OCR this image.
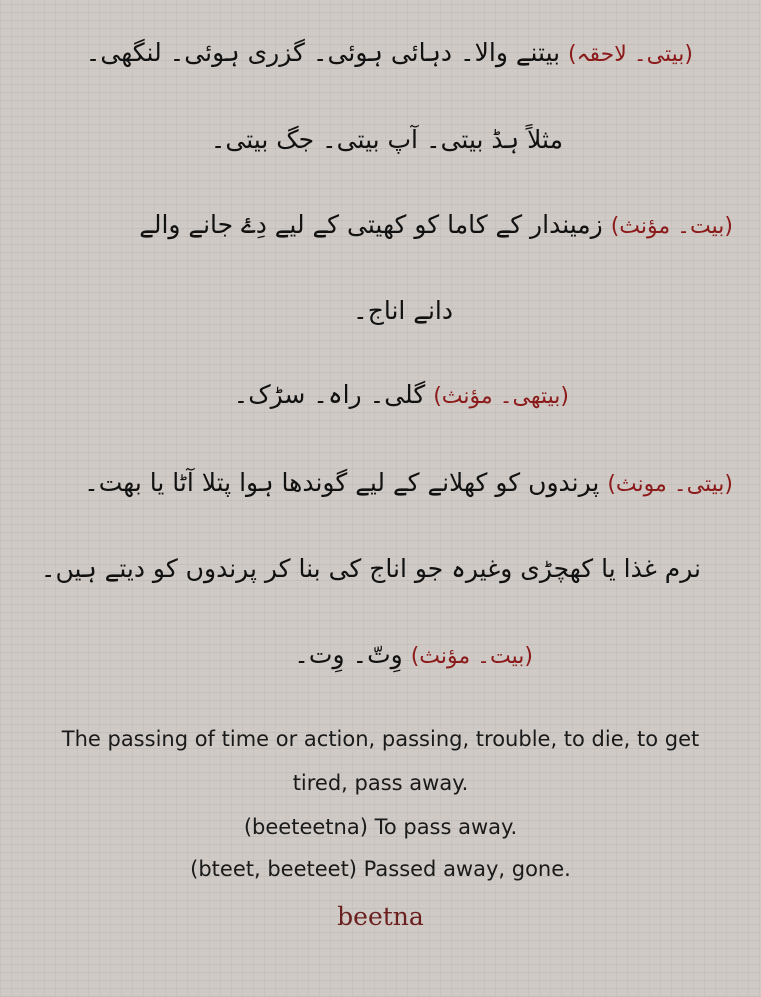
(بیتی۔ لاحقہ) بیتنے والا۔ دہائی ہوئی۔ گزری ہوئی۔ لنگھی۔
مثلاً ہڈ بیتی۔ آپ بیتی۔ جگ بیتی۔
(بیت۔ مؤنث) زمیندار کے کاما کو کھیتی کے لیے دِۓ جانے والے
دانے اناج۔
(بیتھی۔ مؤنث) گلی۔ راہ۔ سڑک۔
(بیتی۔ مونث) پرندوں کو کھلانے کے لیے گوندھا ہوا پتلا آٹا یا بھت۔
نرم غذا یا کھچڑی وغیرہ جو اناج کی بنا کر پرندوں کو دیتے ہیں۔
(بیت۔ مؤنث) وِتّ۔ وِت۔
The passing of time or action, passing, trouble, to die, to get
tired, pass away.
(beeteetna) To pass away.
(bteet, beeteet) Passed away, gone.
beetna
